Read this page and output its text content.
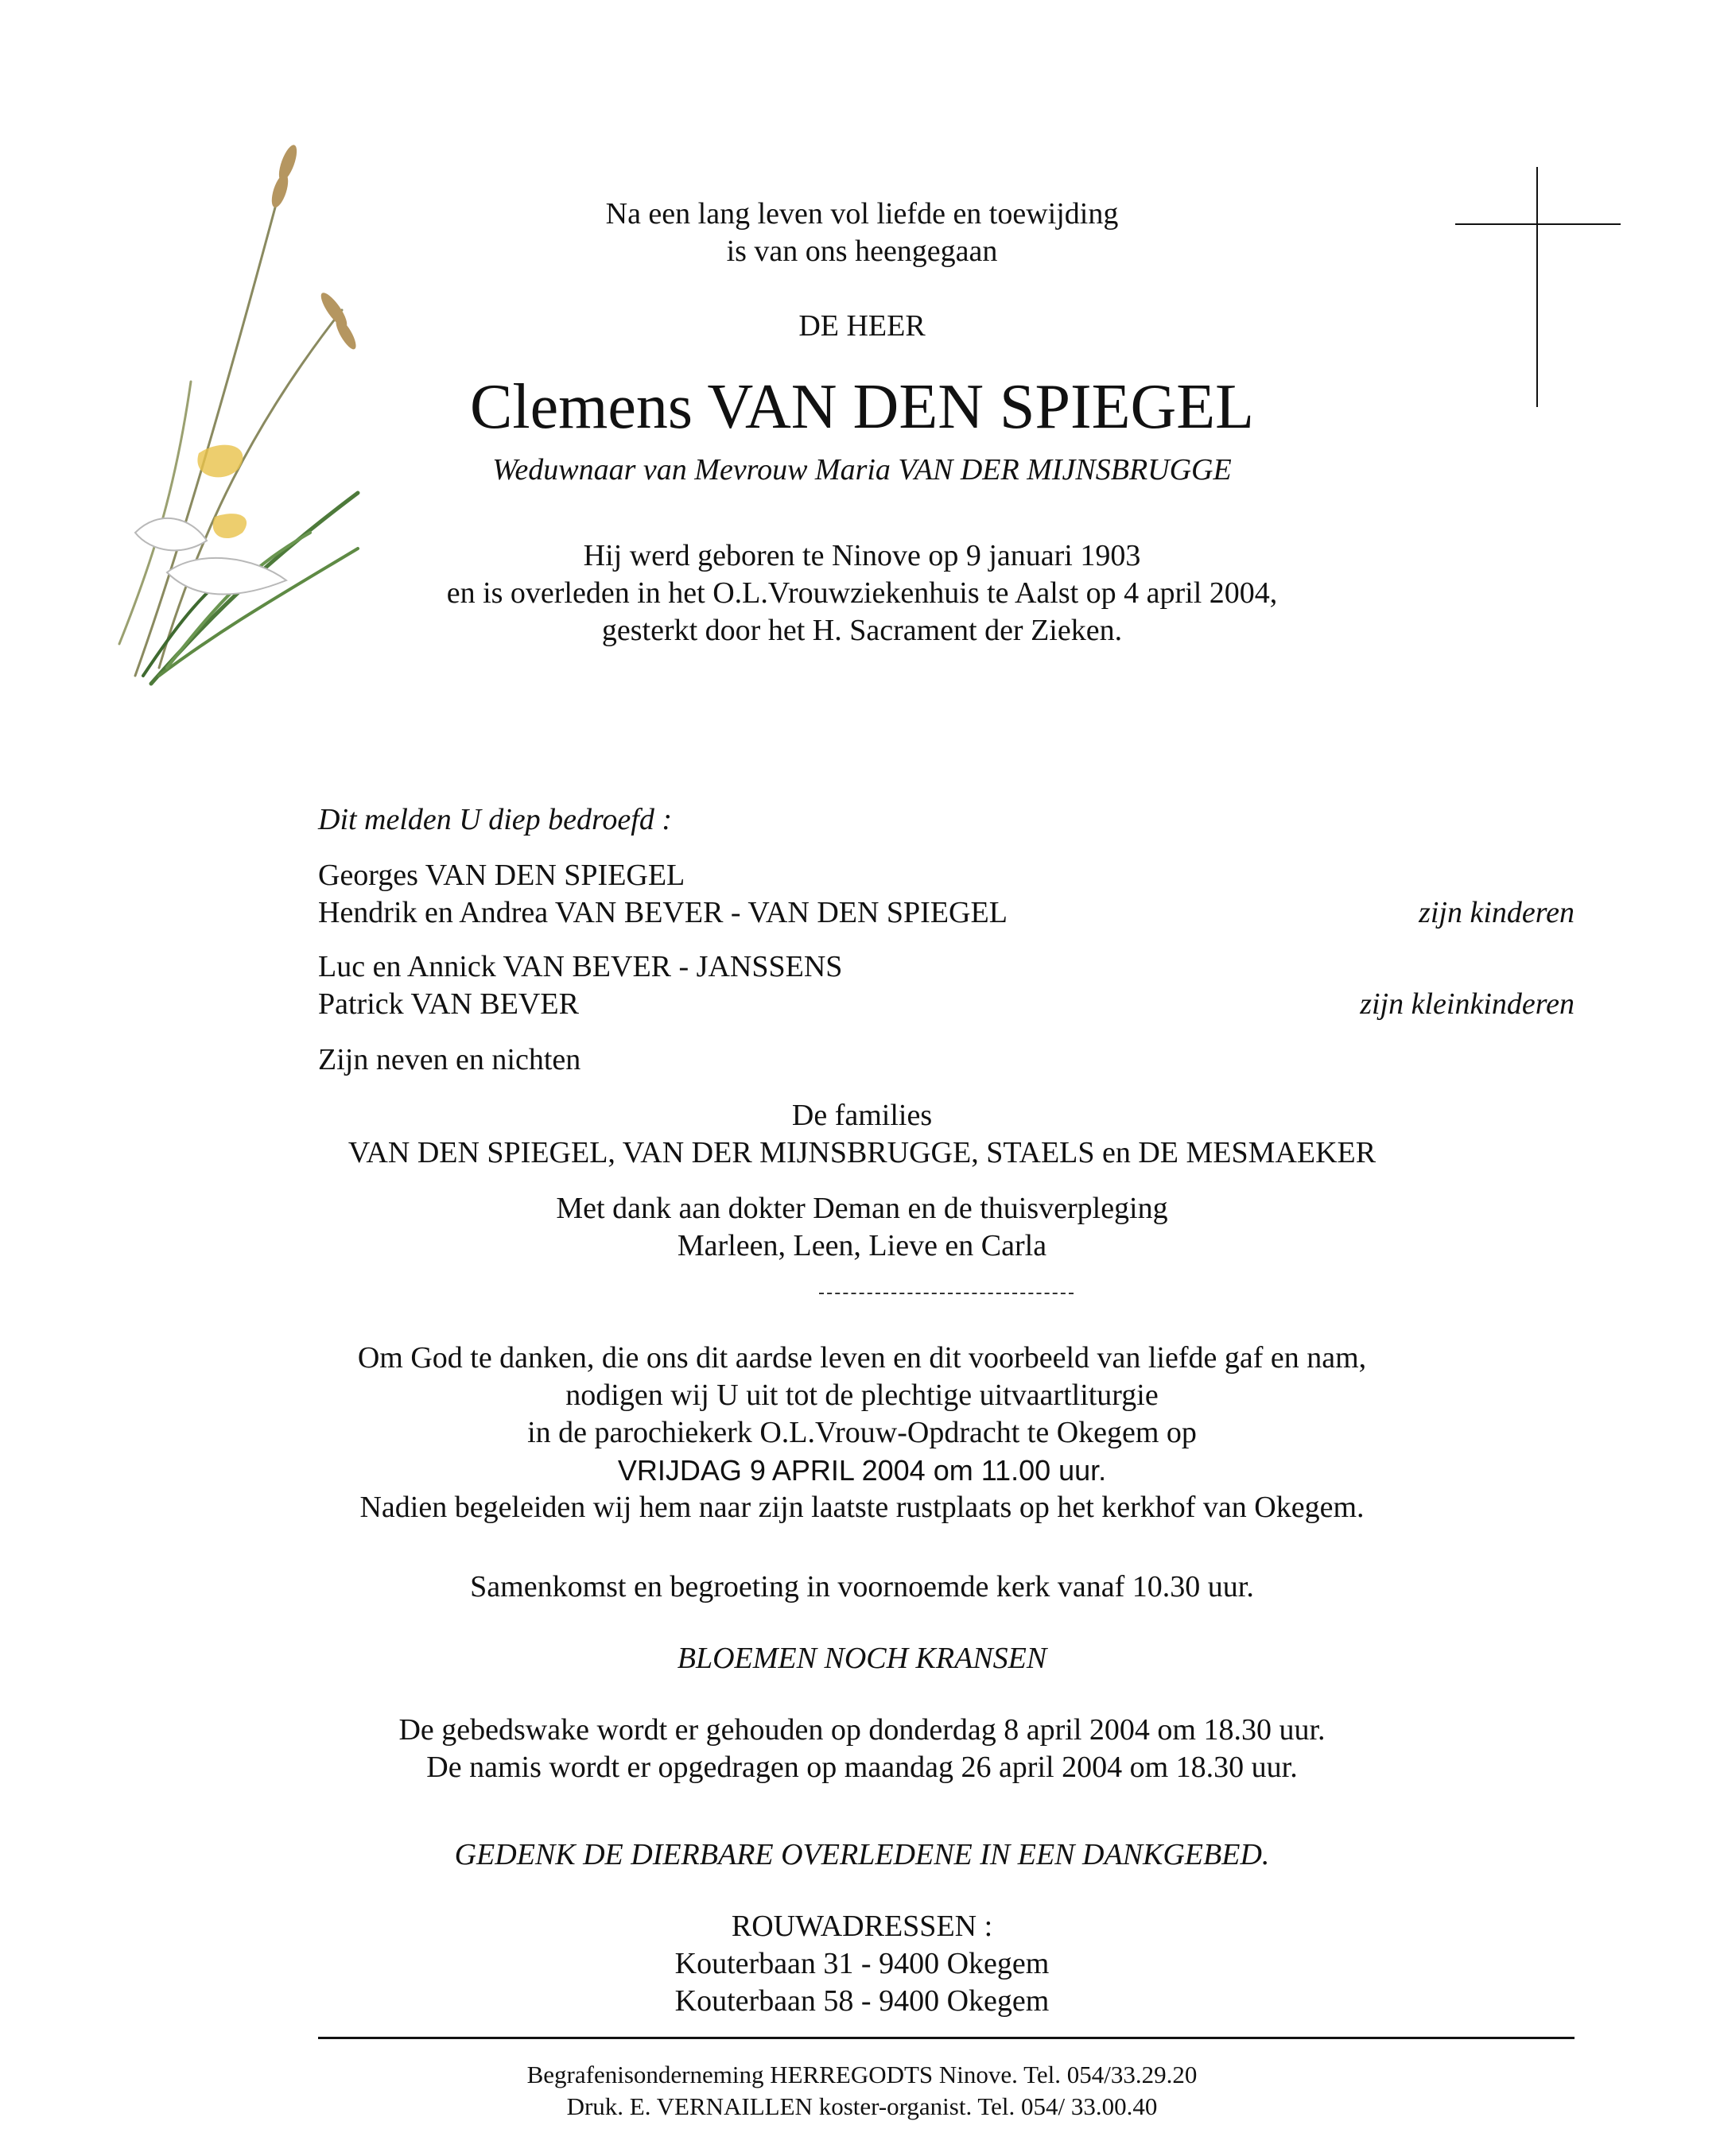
Na een lang leven vol liefde en toewijding
is van ons heengegaan
DE HEER
Clemens VAN DEN SPIEGEL
Weduwnaar van Mevrouw Maria VAN DER MIJNSBRUGGE
Hij werd geboren te Ninove op 9 januari 1903
en is overleden in het O.L.Vrouwziekenhuis te Aalst op 4 april 2004,
gesterkt door het H. Sacrament der Zieken.
Dit melden U diep bedroefd :
Georges VAN DEN SPIEGEL
Hendrik en Andrea VAN BEVER - VAN DEN SPIEGEL	zijn kinderen
Luc en Annick VAN BEVER - JANSSENS
Patrick VAN BEVER	zijn kleinkinderen
Zijn neven en nichten
De families
VAN DEN SPIEGEL, VAN DER MIJNSBRUGGE, STAELS en DE MESMAEKER
Met dank aan dokter Deman en de thuisverpleging
Marleen, Leen, Lieve en Carla
Om God te danken, die ons dit aardse leven en dit voorbeeld van liefde gaf en nam,
nodigen wij U uit tot de plechtige uitvaartliturgie
in de parochiekerk O.L.Vrouw-Opdracht te Okegem op
VRIJDAG 9 APRIL 2004 om 11.00 uur.
Nadien begeleiden wij hem naar zijn laatste rustplaats op het kerkhof van Okegem.
Samenkomst en begroeting in voornoemde kerk vanaf 10.30 uur.
BLOEMEN NOCH KRANSEN
De gebedswake wordt er gehouden op donderdag 8 april 2004 om 18.30 uur.
De namis wordt er opgedragen op maandag 26 april 2004 om 18.30 uur.
GEDENK DE DIERBARE OVERLEDENE IN EEN DANKGEBED.
ROUWADRESSEN :
Kouterbaan 31 - 9400 Okegem
Kouterbaan 58 - 9400 Okegem
Begrafenisonderneming HERREGODTS Ninove. Tel. 054/33.29.20
Druk. E. VERNAILLEN koster-organist. Tel. 054/ 33.00.40
